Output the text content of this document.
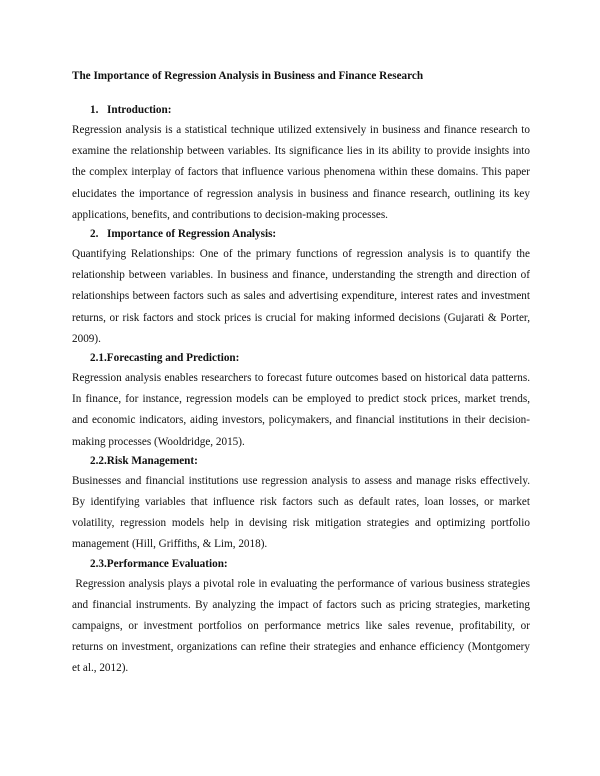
The Importance of Regression Analysis in Business and Finance Research
1. Introduction:

Regression analysis is a statistical technique utilized extensively in business and finance research to examine the relationship between variables. Its significance lies in its ability to provide insights into the complex interplay of factors that influence various phenomena within these domains. This paper elucidates the importance of regression analysis in business and finance research, outlining its key applications, benefits, and contributions to decision-making processes.

2. Importance of Regression Analysis:

Quantifying Relationships: One of the primary functions of regression analysis is to quantify the relationship between variables. In business and finance, understanding the strength and direction of relationships between factors such as sales and advertising expenditure, interest rates and investment returns, or risk factors and stock prices is crucial for making informed decisions (Gujarati & Porter, 2009).

2.1.Forecasting and Prediction:

Regression analysis enables researchers to forecast future outcomes based on historical data patterns. In finance, for instance, regression models can be employed to predict stock prices, market trends, and economic indicators, aiding investors, policymakers, and financial institutions in their decision-making processes (Wooldridge, 2015).

2.2.Risk Management:

Businesses and financial institutions use regression analysis to assess and manage risks effectively. By identifying variables that influence risk factors such as default rates, loan losses, or market volatility, regression models help in devising risk mitigation strategies and optimizing portfolio management (Hill, Griffiths, & Lim, 2018).

2.3.Performance Evaluation:

Regression analysis plays a pivotal role in evaluating the performance of various business strategies and financial instruments. By analyzing the impact of factors such as pricing strategies, marketing campaigns, or investment portfolios on performance metrics like sales revenue, profitability, or returns on investment, organizations can refine their strategies and enhance efficiency (Montgomery et al., 2012).
